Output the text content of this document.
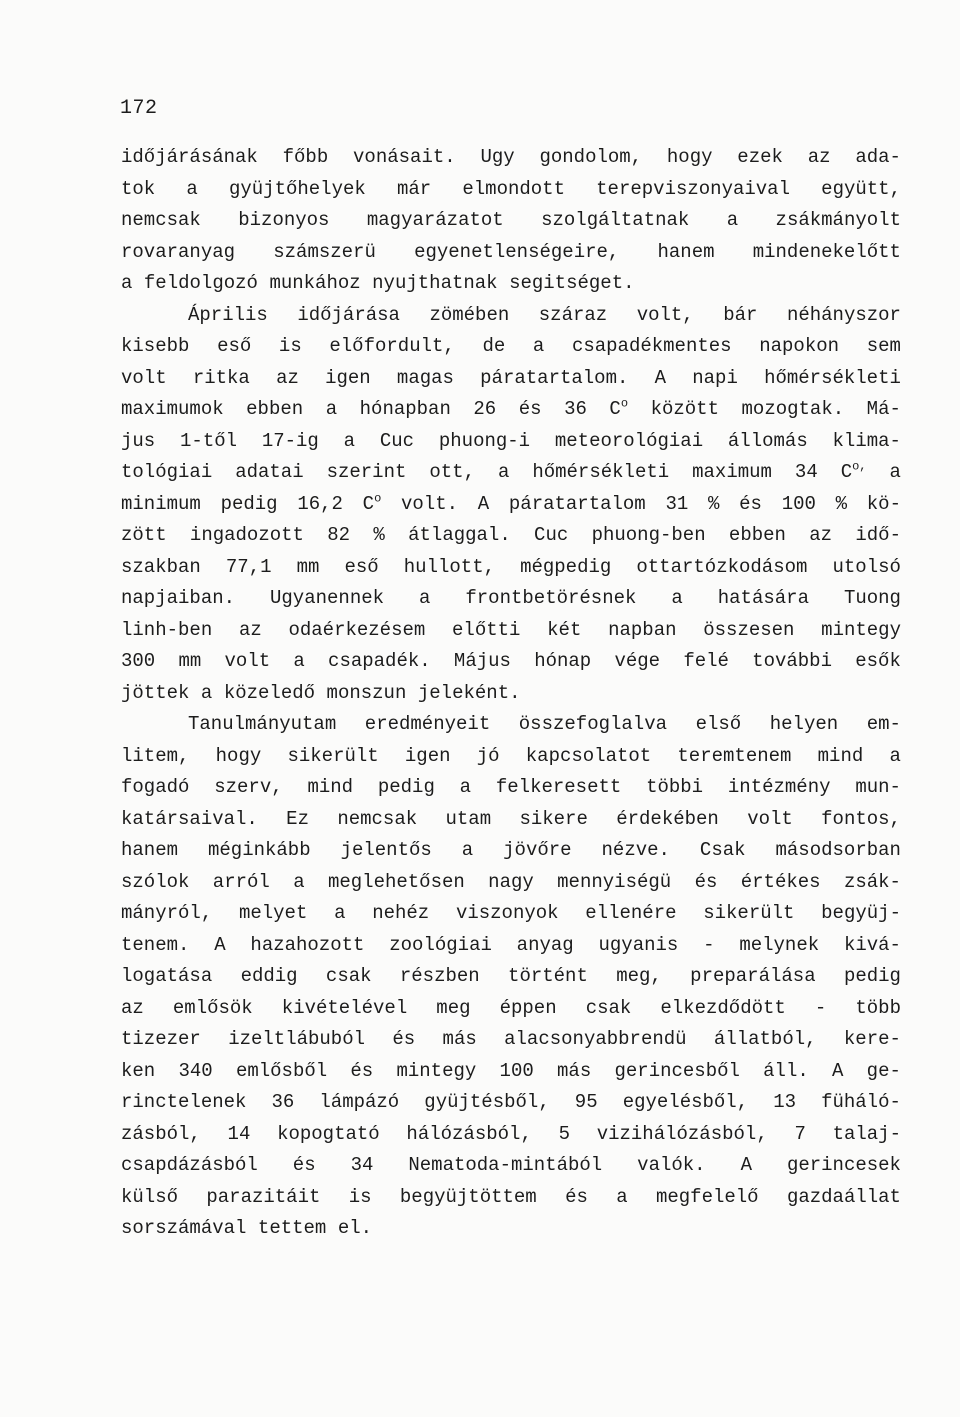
172
időjárásának főbb vonásait. Ugy gondolom, hogy ezek az ada-
tok a gyüjtőhelyek már elmondott terepviszonyaival együtt,
nemcsak bizonyos magyarázatot szolgáltatnak a zsákmányolt
rovaranyag számszerü egyenetlenségeire, hanem mindenekelőtt
a feldolgozó munkához nyujthatnak segitséget.
Április időjárása zömében száraz volt, bár néhányszor
kisebb eső is előfordult, de a csapadékmentes napokon sem
volt ritka az igen magas páratartalom. A napi hőmérsékleti
maximumok ebben a hónapban 26 és 36 $C^o$ között mozogtak. Má-
jus 1-től 17-ig a Cuc phuong-i meteorológiai állomás klima-
tológiai adatai szerint ott, a hőmérsékleti maximum 34 $C^{o,}$ a
minimum pedig 16,2 $C^o$ volt. A páratartalom 31 % és 100 % kö-
zött ingadozott 82 % átlaggal. Cuc phuong-ben ebben az idő-
szakban 77,1 mm eső hullott, mégpedig ottartózkodásom utolsó
napjaiban. Ugyanennek a frontbetörésnek a hatására Tuong
linh-ben az odaérkezésem előtti két napban összesen mintegy
300 mm volt a csapadék. Május hónap vége felé további esők
jöttek a közeledő monszun jeleként.
Tanulmányutam eredményeit összefoglalva első helyen em-
litem, hogy sikerült igen jó kapcsolatot teremtenem mind a
fogadó szerv, mind pedig a felkeresett többi intézmény mun-
katársaival. Ez nemcsak utam sikere érdekében volt fontos,
hanem méginkább jelentős a jövőre nézve. Csak másodsorban
szólok arról a meglehetősen nagy mennyiségü és értékes zsák-
mányról, melyet a nehéz viszonyok ellenére sikerült begyüj-
tenem. A hazahozott zoológiai anyag ugyanis - melynek kivá-
logatása eddig csak részben történt meg, preparálása pedig
az emlősök kivételével meg éppen csak elkezdődött - több
tizezer izeltlábuból és más alacsonyabbrendü állatból, kere-
ken 340 emlősből és mintegy 100 más gerincesből áll. A ge-
rinctelenek 36 lámpázó gyüjtésből, 95 egyelésből, 13 füháló-
zásból, 14 kopogtató hálózásból, 5 vizihálózásból, 7 talaj-
csapdázásból és 34 Nematoda-mintából valók. A gerincesek
külső parazitáit is begyüjtöttem és a megfelelő gazdaállat
sorszámával tettem el.
